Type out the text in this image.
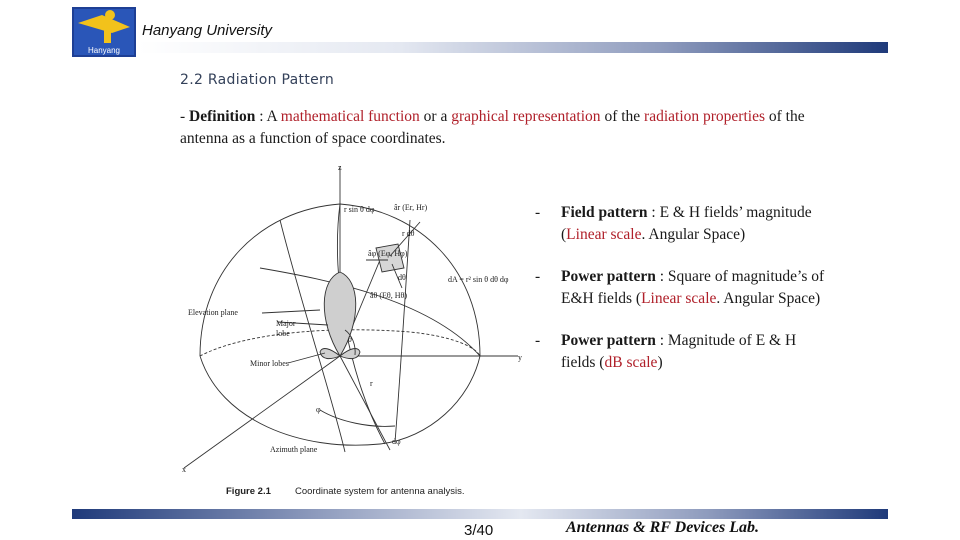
Hanyang
Hanyang University
2.2 Radiation Pattern
- Definition : A mathematical function or a graphical representation of the radiation properties of the antenna as a function of space coordinates.
z
y
x
r sin θ dφ âr (Er, Hr)
r dθ
âφ (Eφ, Hφ)
dA = r² sin θ dθ dφ
âθ (Eθ, Hθ)
Elevation plane
Major
lobe
Minor lobes
θ
r
φ
dφ
dθ
Azimuth plane
Figure 2.1	Coordinate system for antenna analysis.
- Field pattern : E & H fields’ magnitude (Linear scale. Angular Space)
- Power pattern : Square of magnitude’s of E&H fields (Linear scale. Angular Space)
- Power pattern : Magnitude of E & H fields (dB scale)
3/40	Antennas & RF Devices Lab.
